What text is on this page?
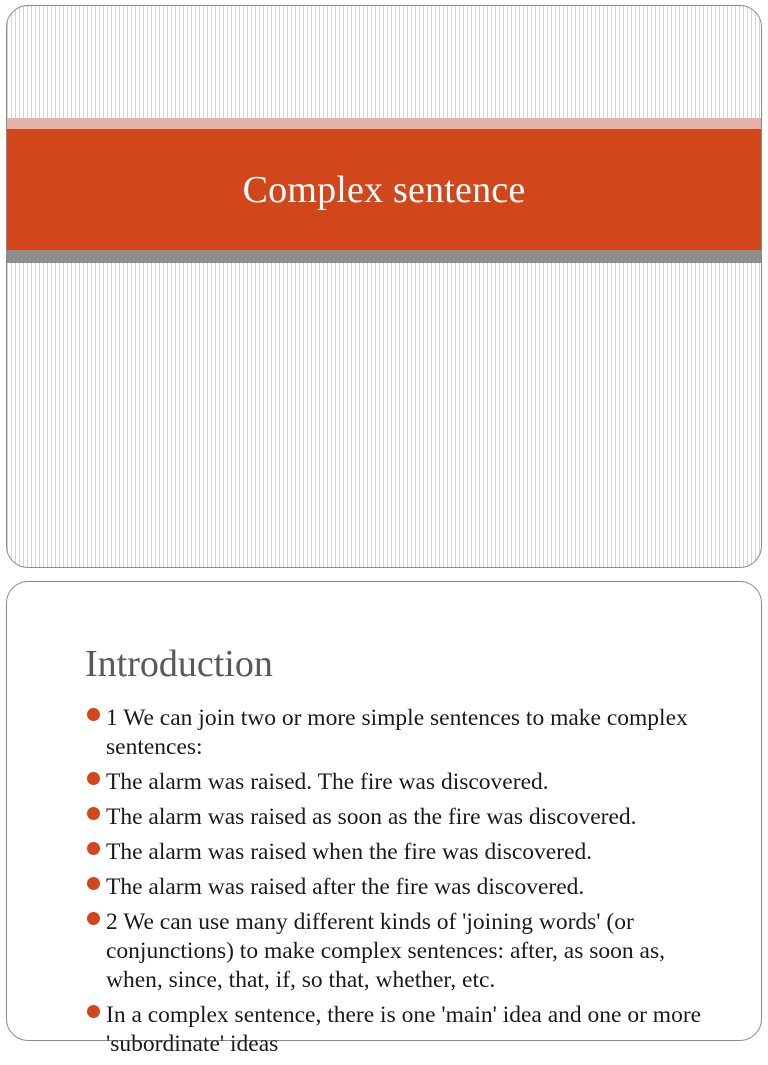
Complex sentence
Introduction
1 We can join two or more simple sentences to make complex sentences:
The alarm was raised. The fire was discovered.
The alarm was raised as soon as the fire was discovered.
The alarm was raised when the fire was discovered.
The alarm was raised after the fire was discovered.
2 We can use many different kinds of 'joining words' (or conjunctions) to make complex sentences: after, as soon as, when, since, that, if, so that, whether, etc.
In a complex sentence, there is one 'main' idea and one or more 'subordinate' ideas
